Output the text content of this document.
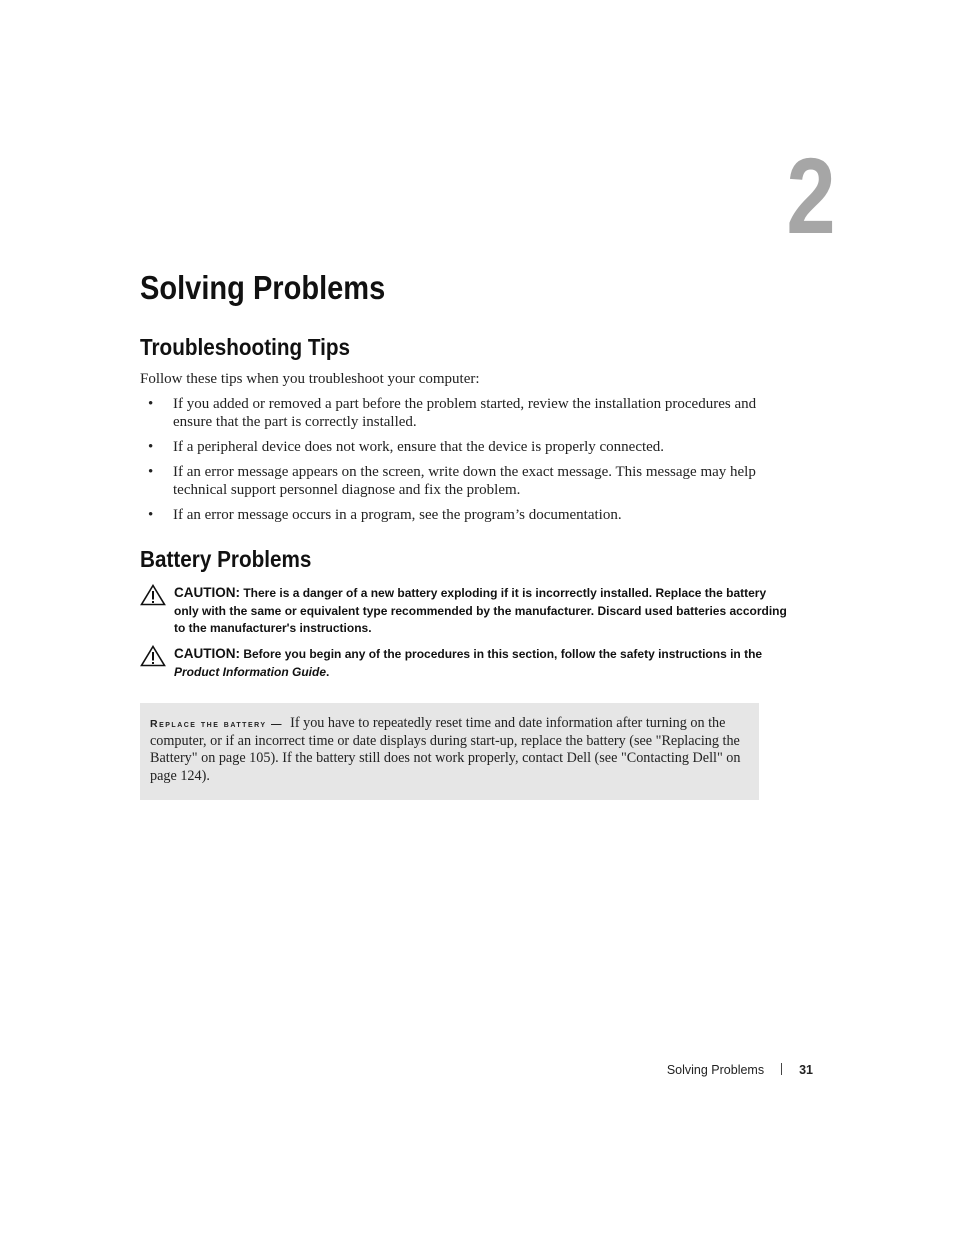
2
Solving Problems
Troubleshooting Tips
Follow these tips when you troubleshoot your computer:
• If you added or removed a part before the problem started, review the installation procedures and ensure that the part is correctly installed.
• If a peripheral device does not work, ensure that the device is properly connected.
• If an error message appears on the screen, write down the exact message. This message may help technical support personnel diagnose and fix the problem.
• If an error message occurs in a program, see the program’s documentation.
Battery Problems
CAUTION: There is a danger of a new battery exploding if it is incorrectly installed. Replace the battery only with the same or equivalent type recommended by the manufacturer. Discard used batteries according to the manufacturer's instructions.
CAUTION: Before you begin any of the procedures in this section, follow the safety instructions in the Product Information Guide.
Replace the battery — If you have to repeatedly reset time and date information after turning on the computer, or if an incorrect time or date displays during start-up, replace the battery (see "Replacing the Battery" on page 105). If the battery still does not work properly, contact Dell (see "Contacting Dell" on page 124).
Solving Problems	31
